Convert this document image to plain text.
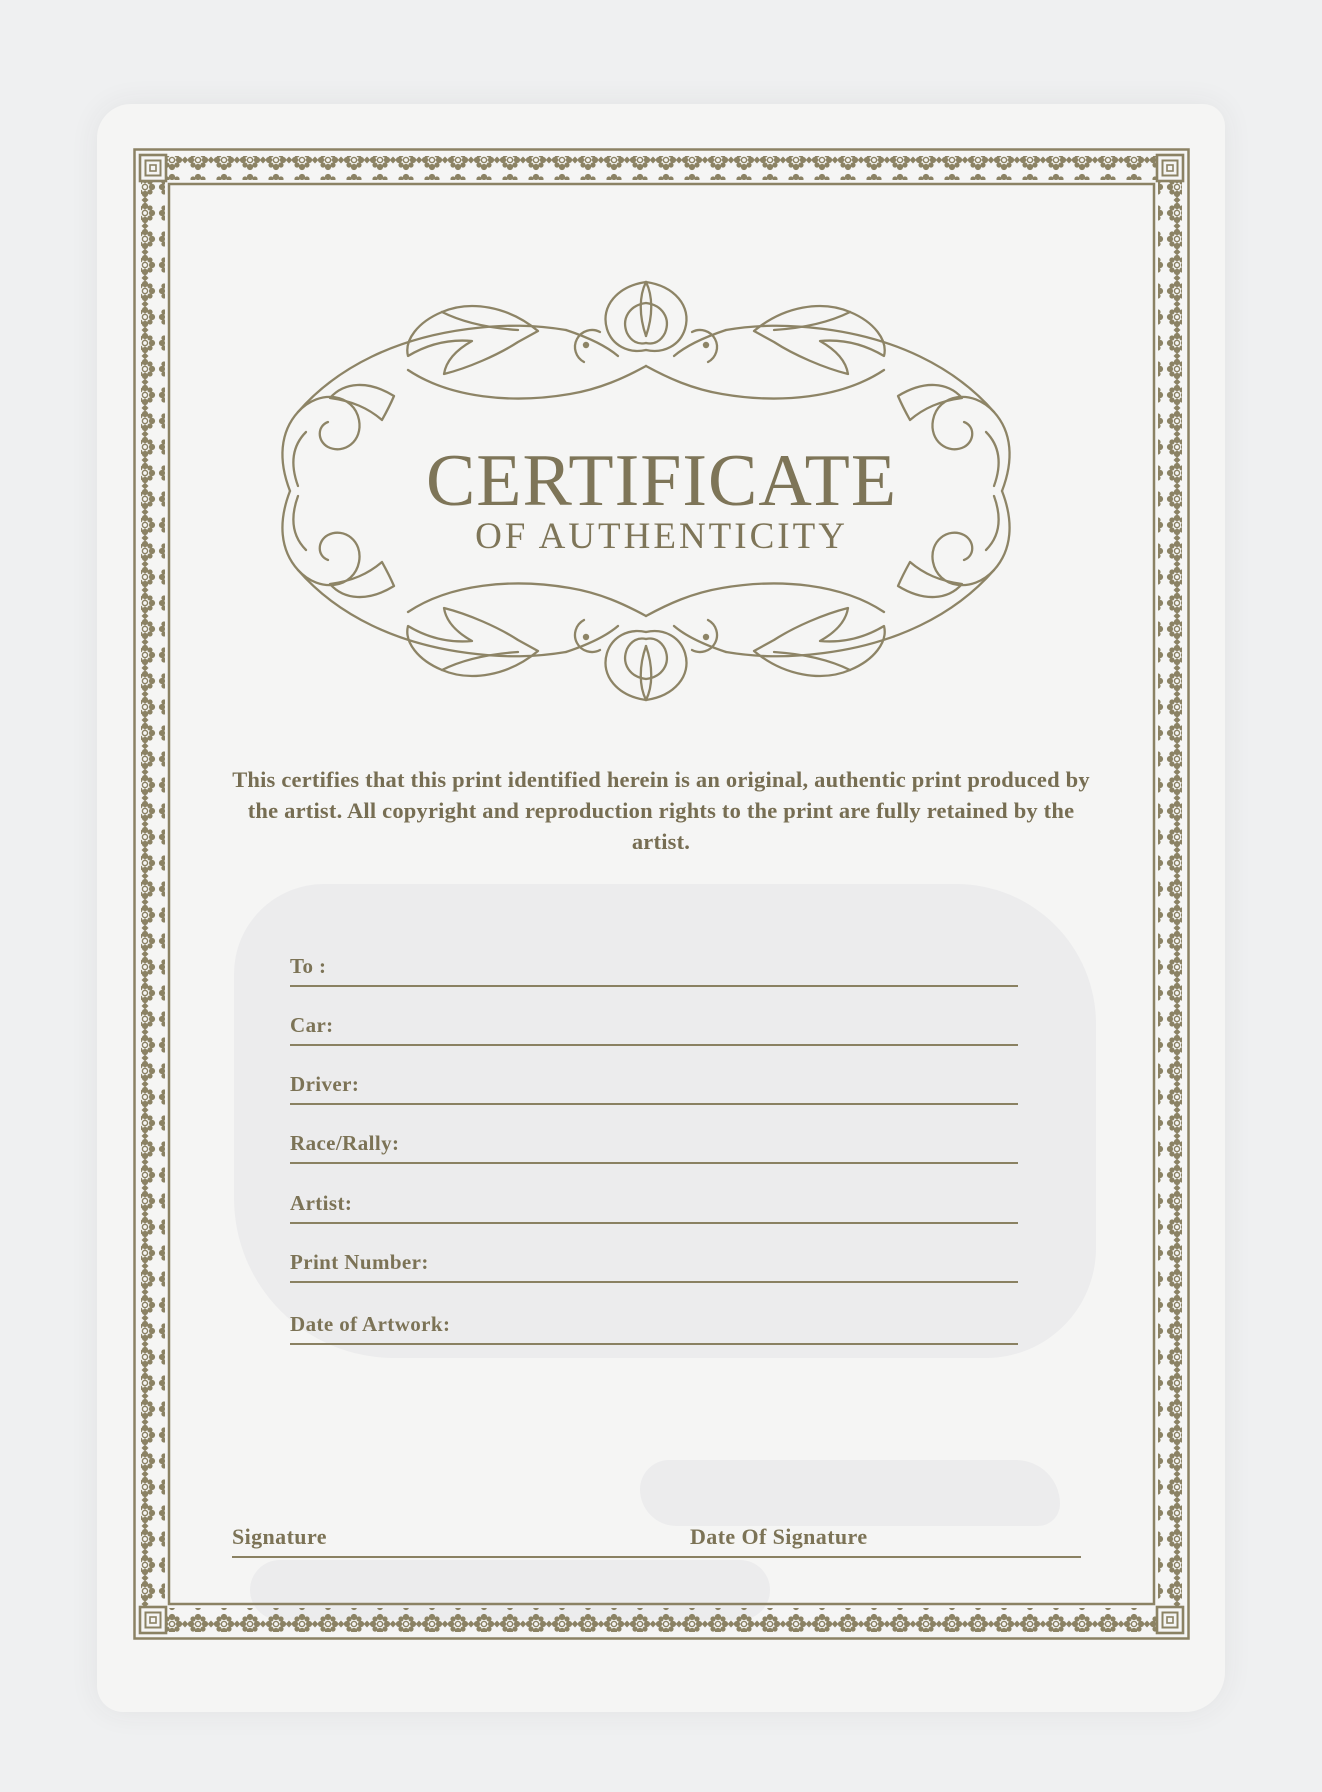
CERTIFICATE
OF AUTHENTICITY
This certifies that this print identified herein is an original, authentic print produced by the artist. All copyright and reproduction rights to the print are fully retained by the artist.
To :
Car:
Driver:
Race/Rally:
Artist:
Print Number:
Date of Artwork:
Signature	Date Of Signature
